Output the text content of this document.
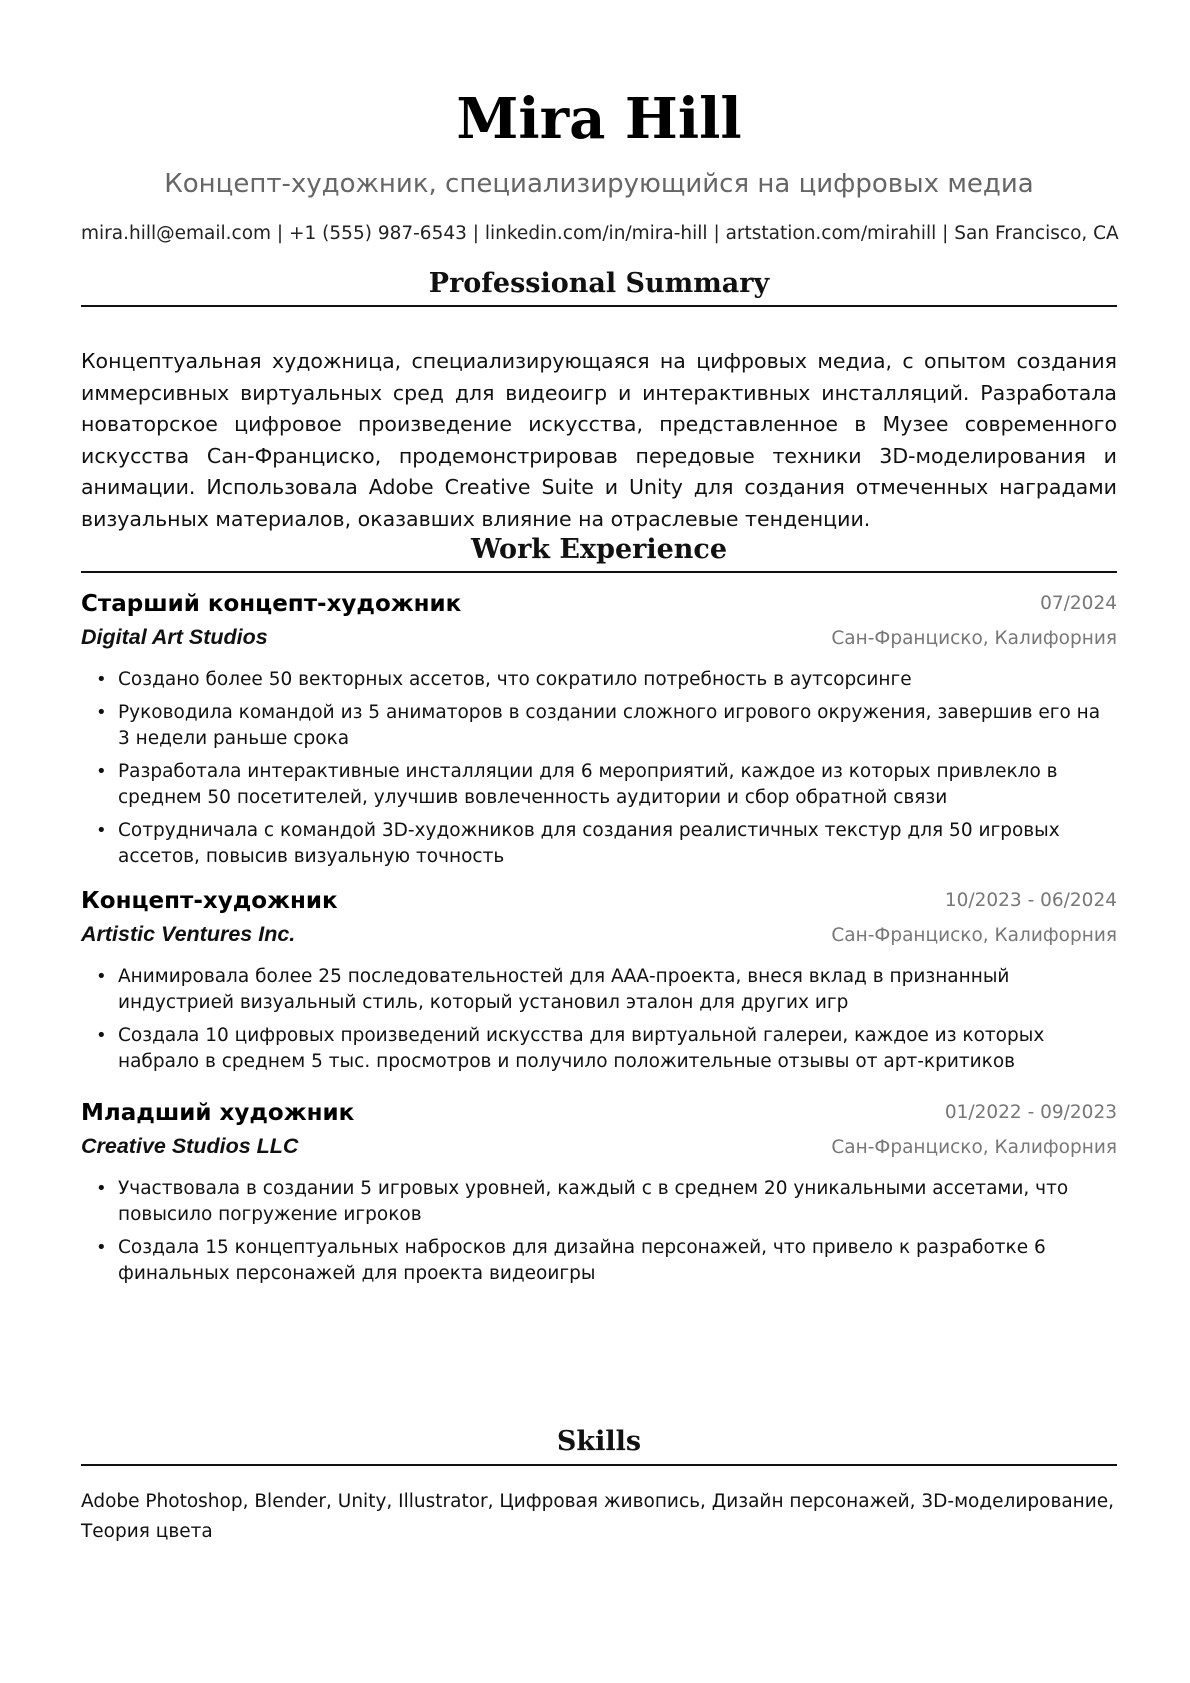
Mira Hill
Концепт-художник, специализирующийся на цифровых медиа
mira.hill@email.com | +1 (555) 987-6543 | linkedin.com/in/mira-hill | artstation.com/mirahill | San Francisco, CA
Professional Summary
Концептуальная художница, специализирующаяся на цифровых медиа, с опытом создания иммерсивных виртуальных сред для видеоигр и интерактивных инсталляций. Разработала новаторское цифровое произведение искусства, представленное в Музее современного искусства Сан-Франциско, продемонстрировав передовые техники 3D-моделирования и анимации. Использовала Adobe Creative Suite и Unity для создания отмеченных наградами визуальных материалов, оказавших влияние на отраслевые тенденции.
Work Experience
Старший концепт-художник	07/2024
Digital Art Studios	Сан-Франциско, Калифорния
• Создано более 50 векторных ассетов, что сократило потребность в аутсорсинге
• Руководила командой из 5 аниматоров в создании сложного игрового окружения, завершив его на 3 недели раньше срока
• Разработала интерактивные инсталляции для 6 мероприятий, каждое из которых привлекло в среднем 50 посетителей, улучшив вовлеченность аудитории и сбор обратной связи
• Сотрудничала с командой 3D-художников для создания реалистичных текстур для 50 игровых ассетов, повысив визуальную точность
Концепт-художник	10/2023 - 06/2024
Artistic Ventures Inc.	Сан-Франциско, Калифорния
• Анимировала более 25 последовательностей для ААА-проекта, внеся вклад в признанный индустрией визуальный стиль, который установил эталон для других игр
• Создала 10 цифровых произведений искусства для виртуальной галереи, каждое из которых набрало в среднем 5 тыс. просмотров и получило положительные отзывы от арт-критиков
Младший художник	01/2022 - 09/2023
Creative Studios LLC	Сан-Франциско, Калифорния
• Участвовала в создании 5 игровых уровней, каждый с в среднем 20 уникальными ассетами, что повысило погружение игроков
• Создала 15 концептуальных набросков для дизайна персонажей, что привело к разработке 6 финальных персонажей для проекта видеоигры
Skills
Adobe Photoshop, Blender, Unity, Illustrator, Цифровая живопись, Дизайн персонажей, 3D-моделирование, Теория цвета
